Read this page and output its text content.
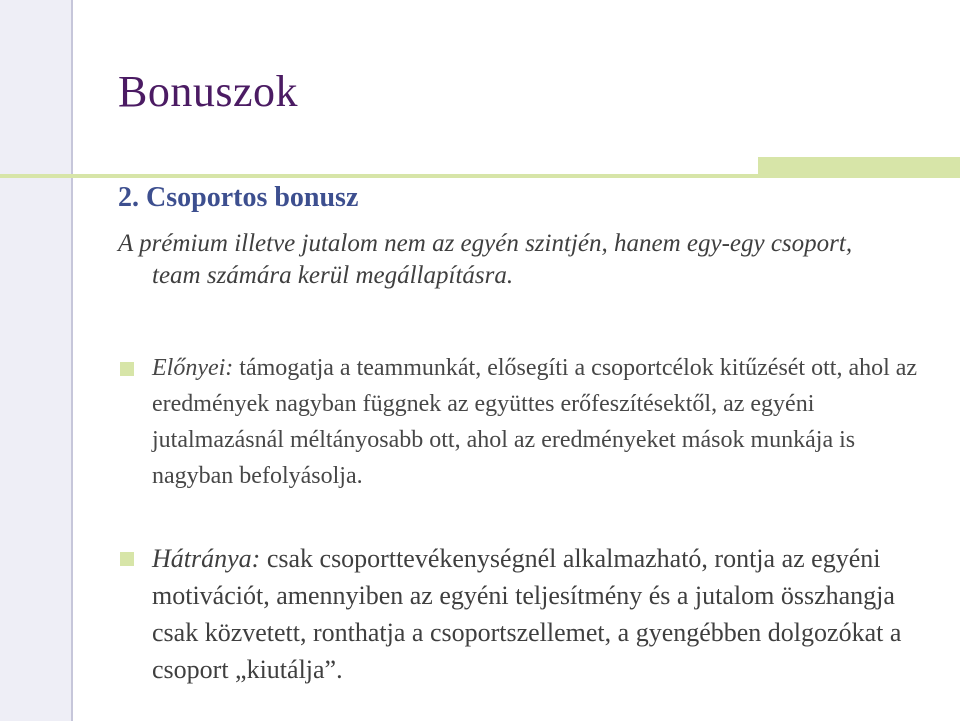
Bonuszok
2. Csoportos bonusz
A prémium illetve jutalom nem az egyén szintjén, hanem egy-egy csoport,
team számára kerül megállapításra.
Előnyei: támogatja a teammunkát, elősegíti a csoportcélok kitűzését ott, ahol az eredmények nagyban függnek az együttes erőfeszítésektől, az egyéni jutalmazásnál méltányosabb ott, ahol az eredményeket mások munkája is nagyban befolyásolja.
Hátránya: csak csoporttevékenységnél alkalmazható, rontja az egyéni motivációt, amennyiben az egyéni teljesítmény és a jutalom összhangja csak közvetett, ronthatja a csoportszellemet, a gyengébben dolgozókat a csoport „kiutálja”.
